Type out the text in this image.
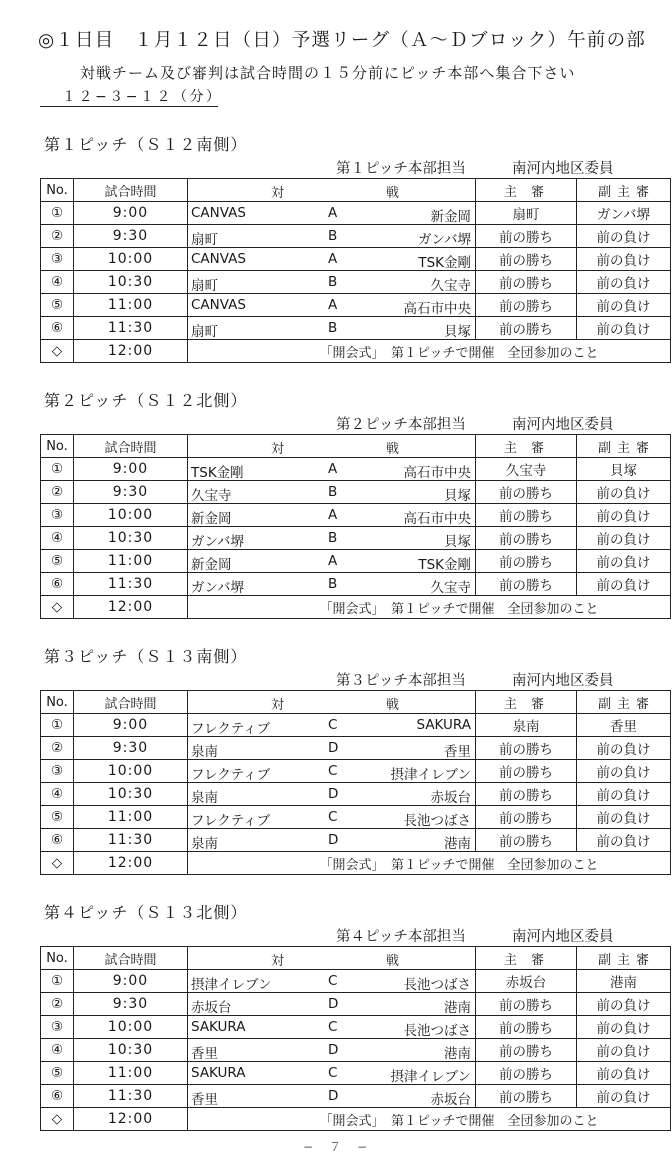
◎１日目　１月１２日（日）予選リーグ（Ａ〜Ｄブロック）午前の部
対戦チーム及び審判は試合時間の１５分前にピッチ本部へ集合下さい
１２−３−１２（分）
第１ピッチ（Ｓ１２南側）
第１ピッチ本部担当	南河内地区委員
No.	試合時間	対 戦	主審	副主審
①	9:00	CANVAS A 新金岡	扇町	ガンバ堺
②	9:30	扇町 B ガンバ堺	前の勝ち	前の負け
③	10:00	CANVAS A TSK金剛	前の勝ち	前の負け
④	10:30	扇町 B 久宝寺	前の勝ち	前の負け
⑤	11:00	CANVAS A 高石市中央	前の勝ち	前の負け
⑥	11:30	扇町 B 貝塚	前の勝ち	前の負け
◇	12:00	「開会式」　第１ピッチで開催　全団参加のこと		
第２ピッチ（Ｓ１２北側）
第２ピッチ本部担当	南河内地区委員
No.	試合時間	対 戦	主審	副主審
①	9:00	TSK金剛 A 高石市中央	久宝寺	貝塚
②	9:30	久宝寺 B 貝塚	前の勝ち	前の負け
③	10:00	新金岡 A 高石市中央	前の勝ち	前の負け
④	10:30	ガンバ堺 B 貝塚	前の勝ち	前の負け
⑤	11:00	新金岡 A TSK金剛	前の勝ち	前の負け
⑥	11:30	ガンバ堺 B 久宝寺	前の勝ち	前の負け
◇	12:00	「開会式」　第１ピッチで開催　全団参加のこと		
第３ピッチ（Ｓ１３南側）
第３ピッチ本部担当	南河内地区委員
No.	試合時間	対 戦	主審	副主審
①	9:00	フレクティブ C SAKURA	泉南	香里
②	9:30	泉南 D 香里	前の勝ち	前の負け
③	10:00	フレクティブ C 摂津イレブン	前の勝ち	前の負け
④	10:30	泉南 D 赤坂台	前の勝ち	前の負け
⑤	11:00	フレクティブ C 長池つばさ	前の勝ち	前の負け
⑥	11:30	泉南 D 港南	前の勝ち	前の負け
◇	12:00	「開会式」　第１ピッチで開催　全団参加のこと		
第４ピッチ（Ｓ１３北側）
第４ピッチ本部担当	南河内地区委員
No.	試合時間	対 戦	主審	副主審
①	9:00	摂津イレブン C 長池つばさ	赤坂台	港南
②	9:30	赤坂台 D 港南	前の勝ち	前の負け
③	10:00	SAKURA C 長池つばさ	前の勝ち	前の負け
④	10:30	香里 D 港南	前の勝ち	前の負け
⑤	11:00	SAKURA C 摂津イレブン	前の勝ち	前の負け
⑥	11:30	香里 D 赤坂台	前の勝ち	前の負け
◇	12:00	「開会式」　第１ピッチで開催　全団参加のこと		
−　７　−
